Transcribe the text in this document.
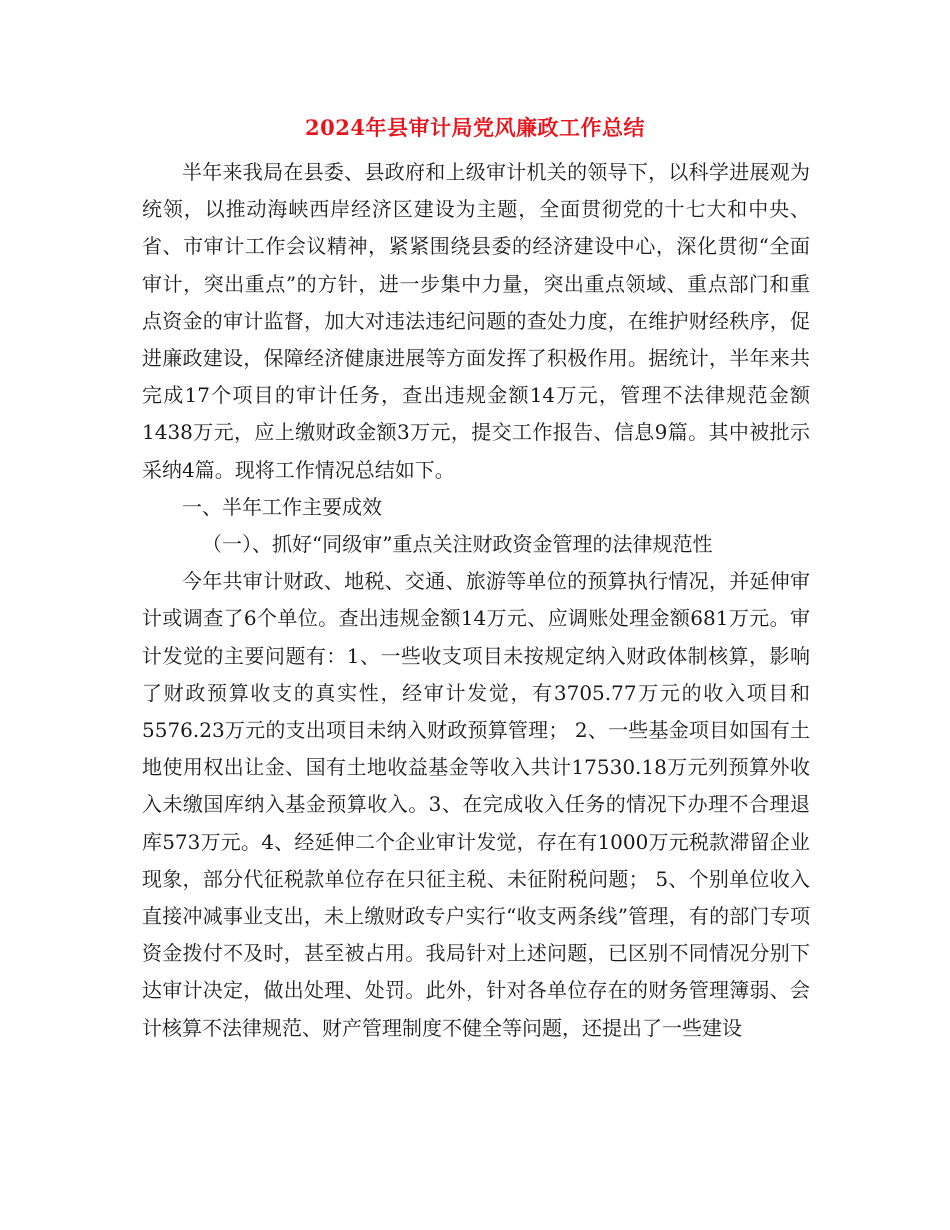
2024年县审计局党风廉政工作总结

半年来我局在县委、县政府和上级审计机关的领导下，以科学进展观为统领，以推动海峡西岸经济区建设为主题，全面贯彻党的十七大和中央、省、市审计工作会议精神，紧紧围绕县委的经济建设中心，深化贯彻“全面审计，突出重点”的方针，进一步集中力量，突出重点领域、重点部门和重点资金的审计监督，加大对违法违纪问题的查处力度，在维护财经秩序，促进廉政建设，保障经济健康进展等方面发挥了积极作用。据统计，半年来共完成17个项目的审计任务，查出违规金额14万元，管理不法律规范金额1438万元，应上缴财政金额3万元，提交工作报告、信息9篇。其中被批示采纳4篇。现将工作情况总结如下。

一、半年工作主要成效

（一）、抓好“同级审”重点关注财政资金管理的法律规范性

今年共审计财政、地税、交通、旅游等单位的预算执行情况，并延伸审计或调查了6个单位。查出违规金额14万元、应调账处理金额681万元。审计发觉的主要问题有：1、一些收支项目未按规定纳入财政体制核算，影响了财政预算收支的真实性，经审计发觉，有3705.77万元的收入项目和5576.23万元的支出项目未纳入财政预算管理； 2、一些基金项目如国有土地使用权出让金、国有土地收益基金等收入共计17530.18万元列预算外收入未缴国库纳入基金预算收入。3、在完成收入任务的情况下办理不合理退库573万元。4、经延伸二个企业审计发觉，存在有1000万元税款滞留企业现象，部分代征税款单位存在只征主税、未征附税问题； 5、个别单位收入直接冲减事业支出，未上缴财政专户实行“收支两条线”管理，有的部门专项资金拨付不及时，甚至被占用。我局针对上述问题，已区别不同情况分别下达审计决定，做出处理、处罚。此外，针对各单位存在的财务管理簿弱、会计核算不法律规范、财产管理制度不健全等问题，还提出了一些建设
